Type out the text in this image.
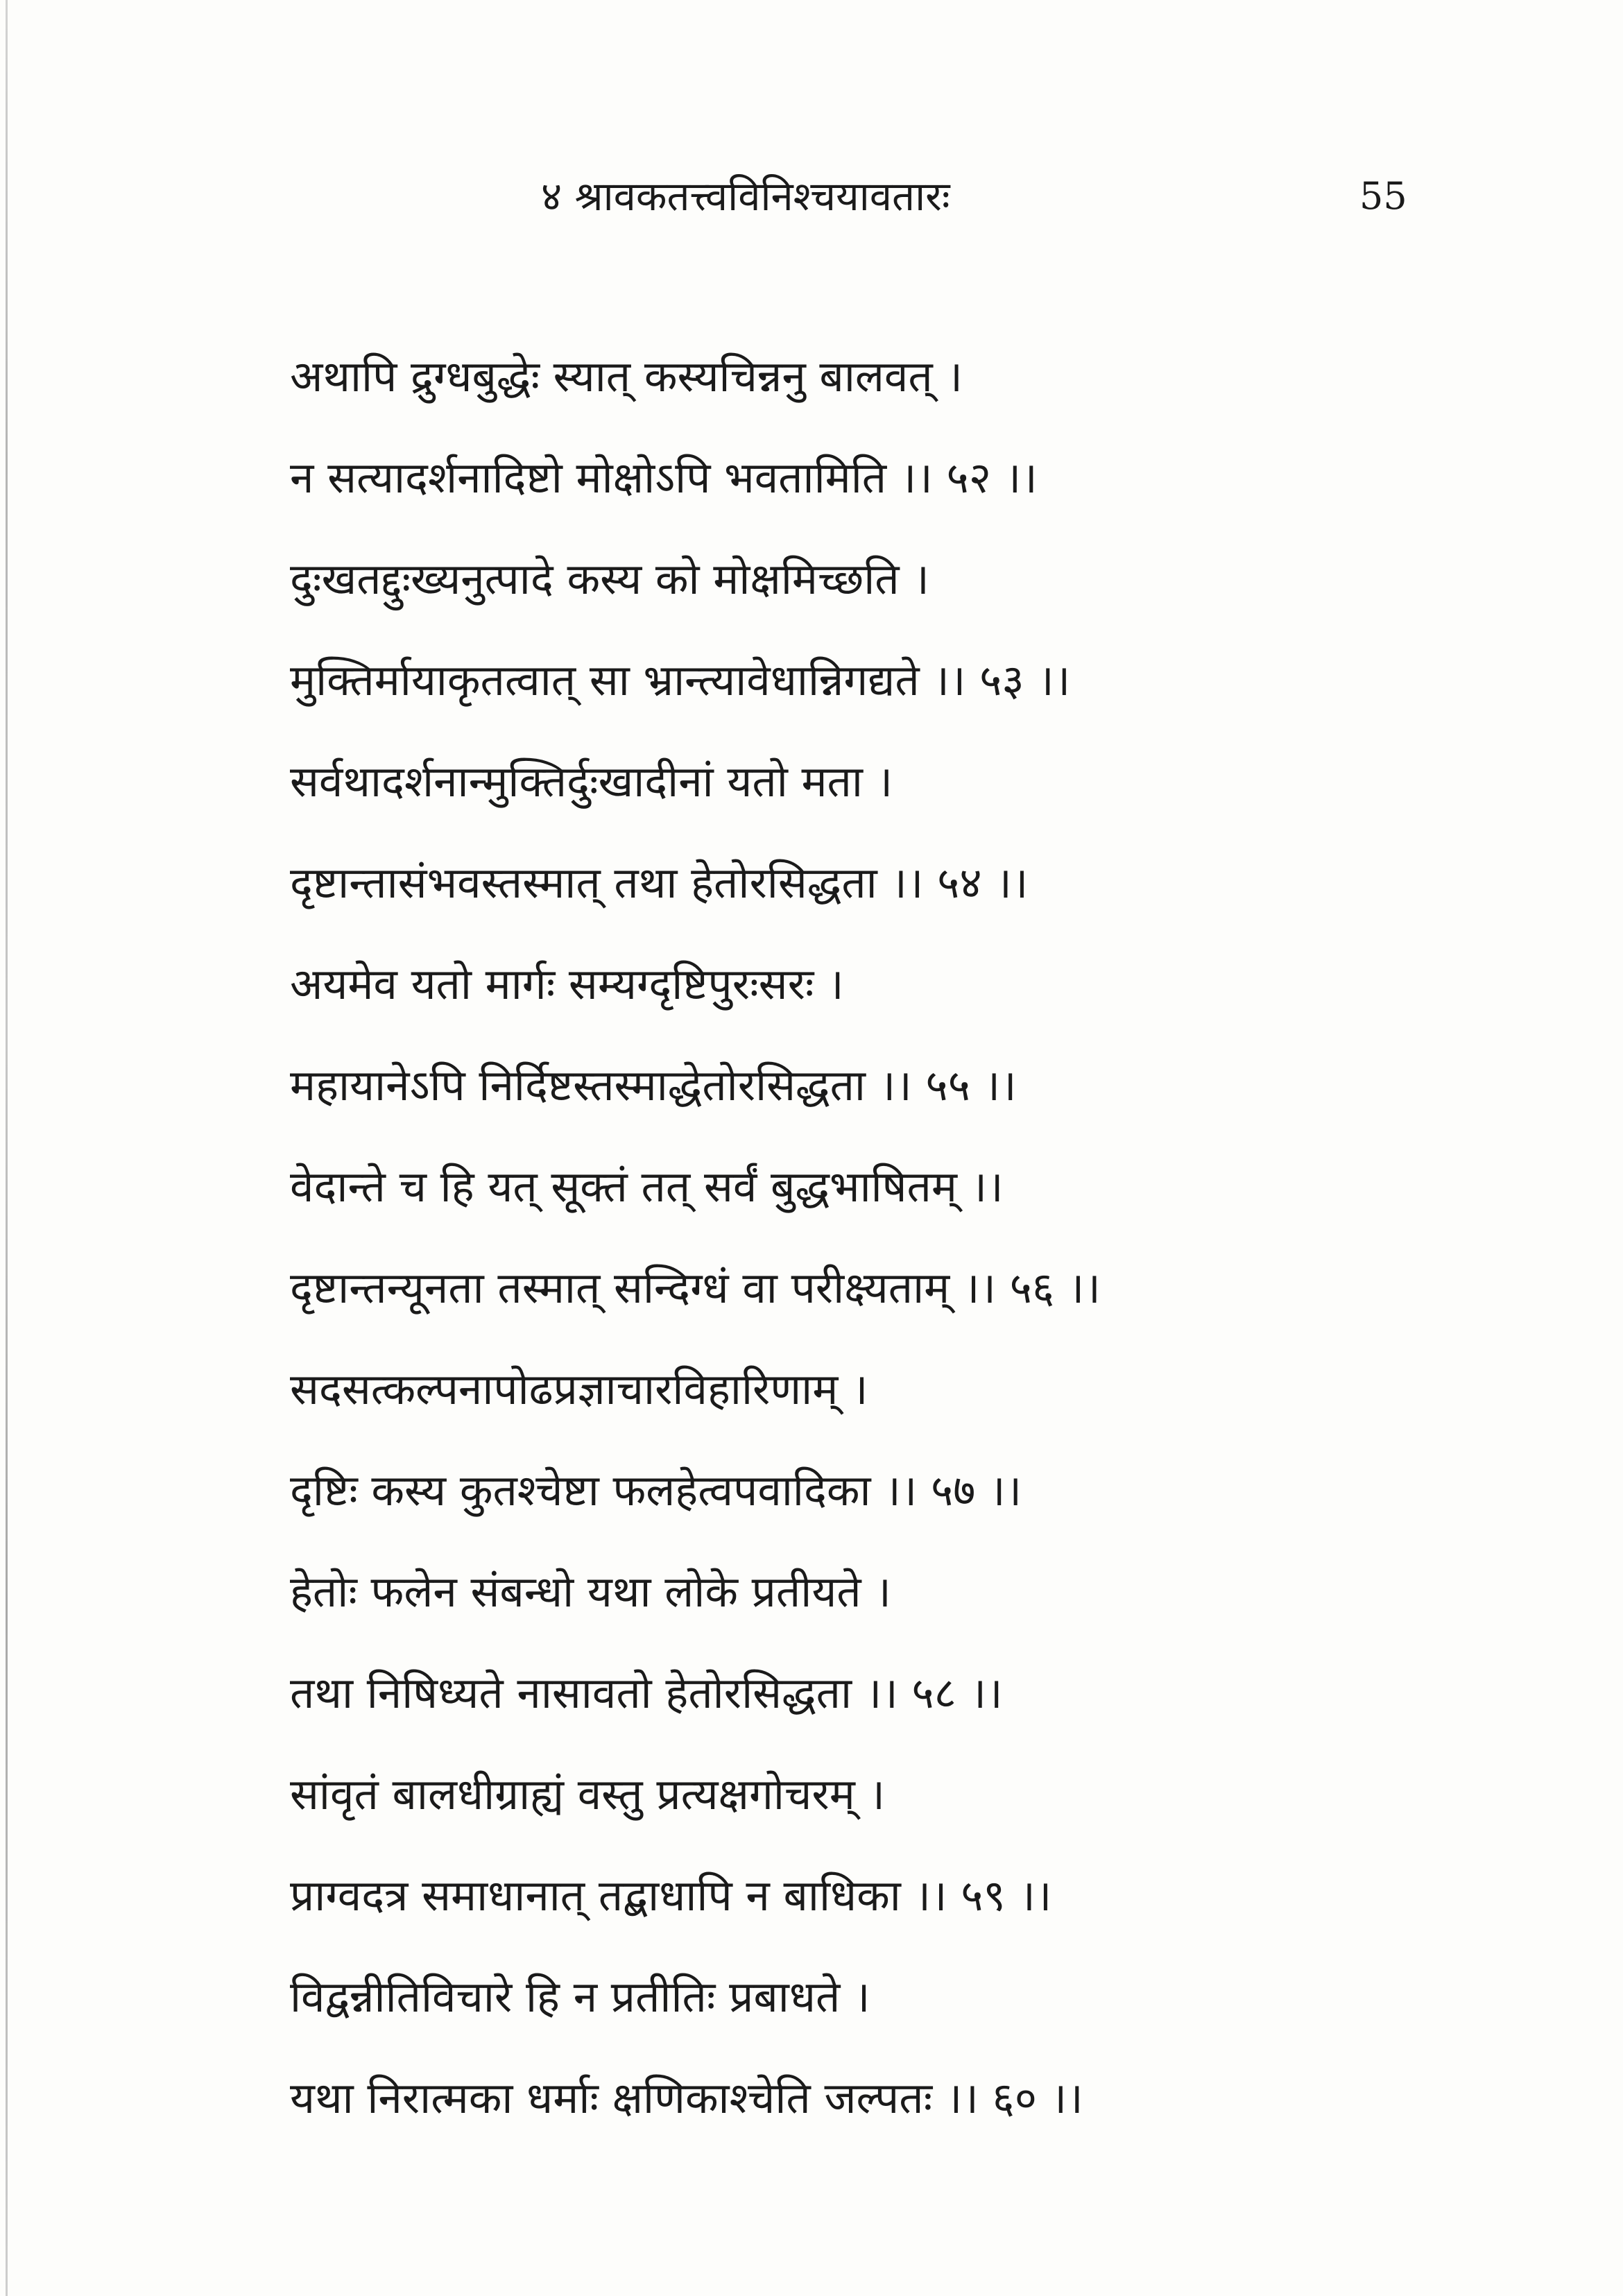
४ श्रावकतत्त्वविनिश्चयावतारः	55
अथापि द्रुग्धबुद्धेः स्यात् कस्यचिन्ननु बालवत् ।
न सत्यादर्शनादिष्टो मोक्षोऽपि भवतामिति ।। ५२ ।।
दुःखतद्दुःख्यनुत्पादे कस्य को मोक्षमिच्छति ।
मुक्तिर्मायाकृतत्वात् सा भ्रान्त्यावेधान्निगद्यते ।। ५३ ।।
सर्वथादर्शनान्मुक्तिर्दुःखादीनां यतो मता ।
दृष्टान्तासंभवस्तस्मात् तथा हेतोरसिद्धता ।। ५४ ।।
अयमेव यतो मार्गः सम्यग्दृष्टिपुरःसरः ।
महायानेऽपि निर्दिष्टस्तस्माद्धेतोरसिद्धता ।। ५५ ।।
वेदान्ते च हि यत् सूक्तं तत् सर्वं बुद्धभाषितम् ।।
दृष्टान्तन्यूनता तस्मात् सन्दिग्धं वा परीक्ष्यताम् ।। ५६ ।।
सदसत्कल्पनापोढप्रज्ञाचारविहारिणाम् ।
दृष्टिः कस्य कुतश्चेष्टा फलहेत्वपवादिका ।। ५७ ।।
हेतोः फलेन संबन्धो यथा लोके प्रतीयते ।
तथा निषिध्यते नासावतो हेतोरसिद्धता ।। ५८ ।।
सांवृतं बालधीग्राह्यं वस्तु प्रत्यक्षगोचरम् ।
प्राग्वदत्र समाधानात् तद्बाधापि न बाधिका ।। ५९ ।।
विद्वन्नीतिविचारे हि न प्रतीतिः प्रबाधते ।
यथा निरात्मका धर्माः क्षणिकाश्चेति जल्पतः ।। ६० ।।
